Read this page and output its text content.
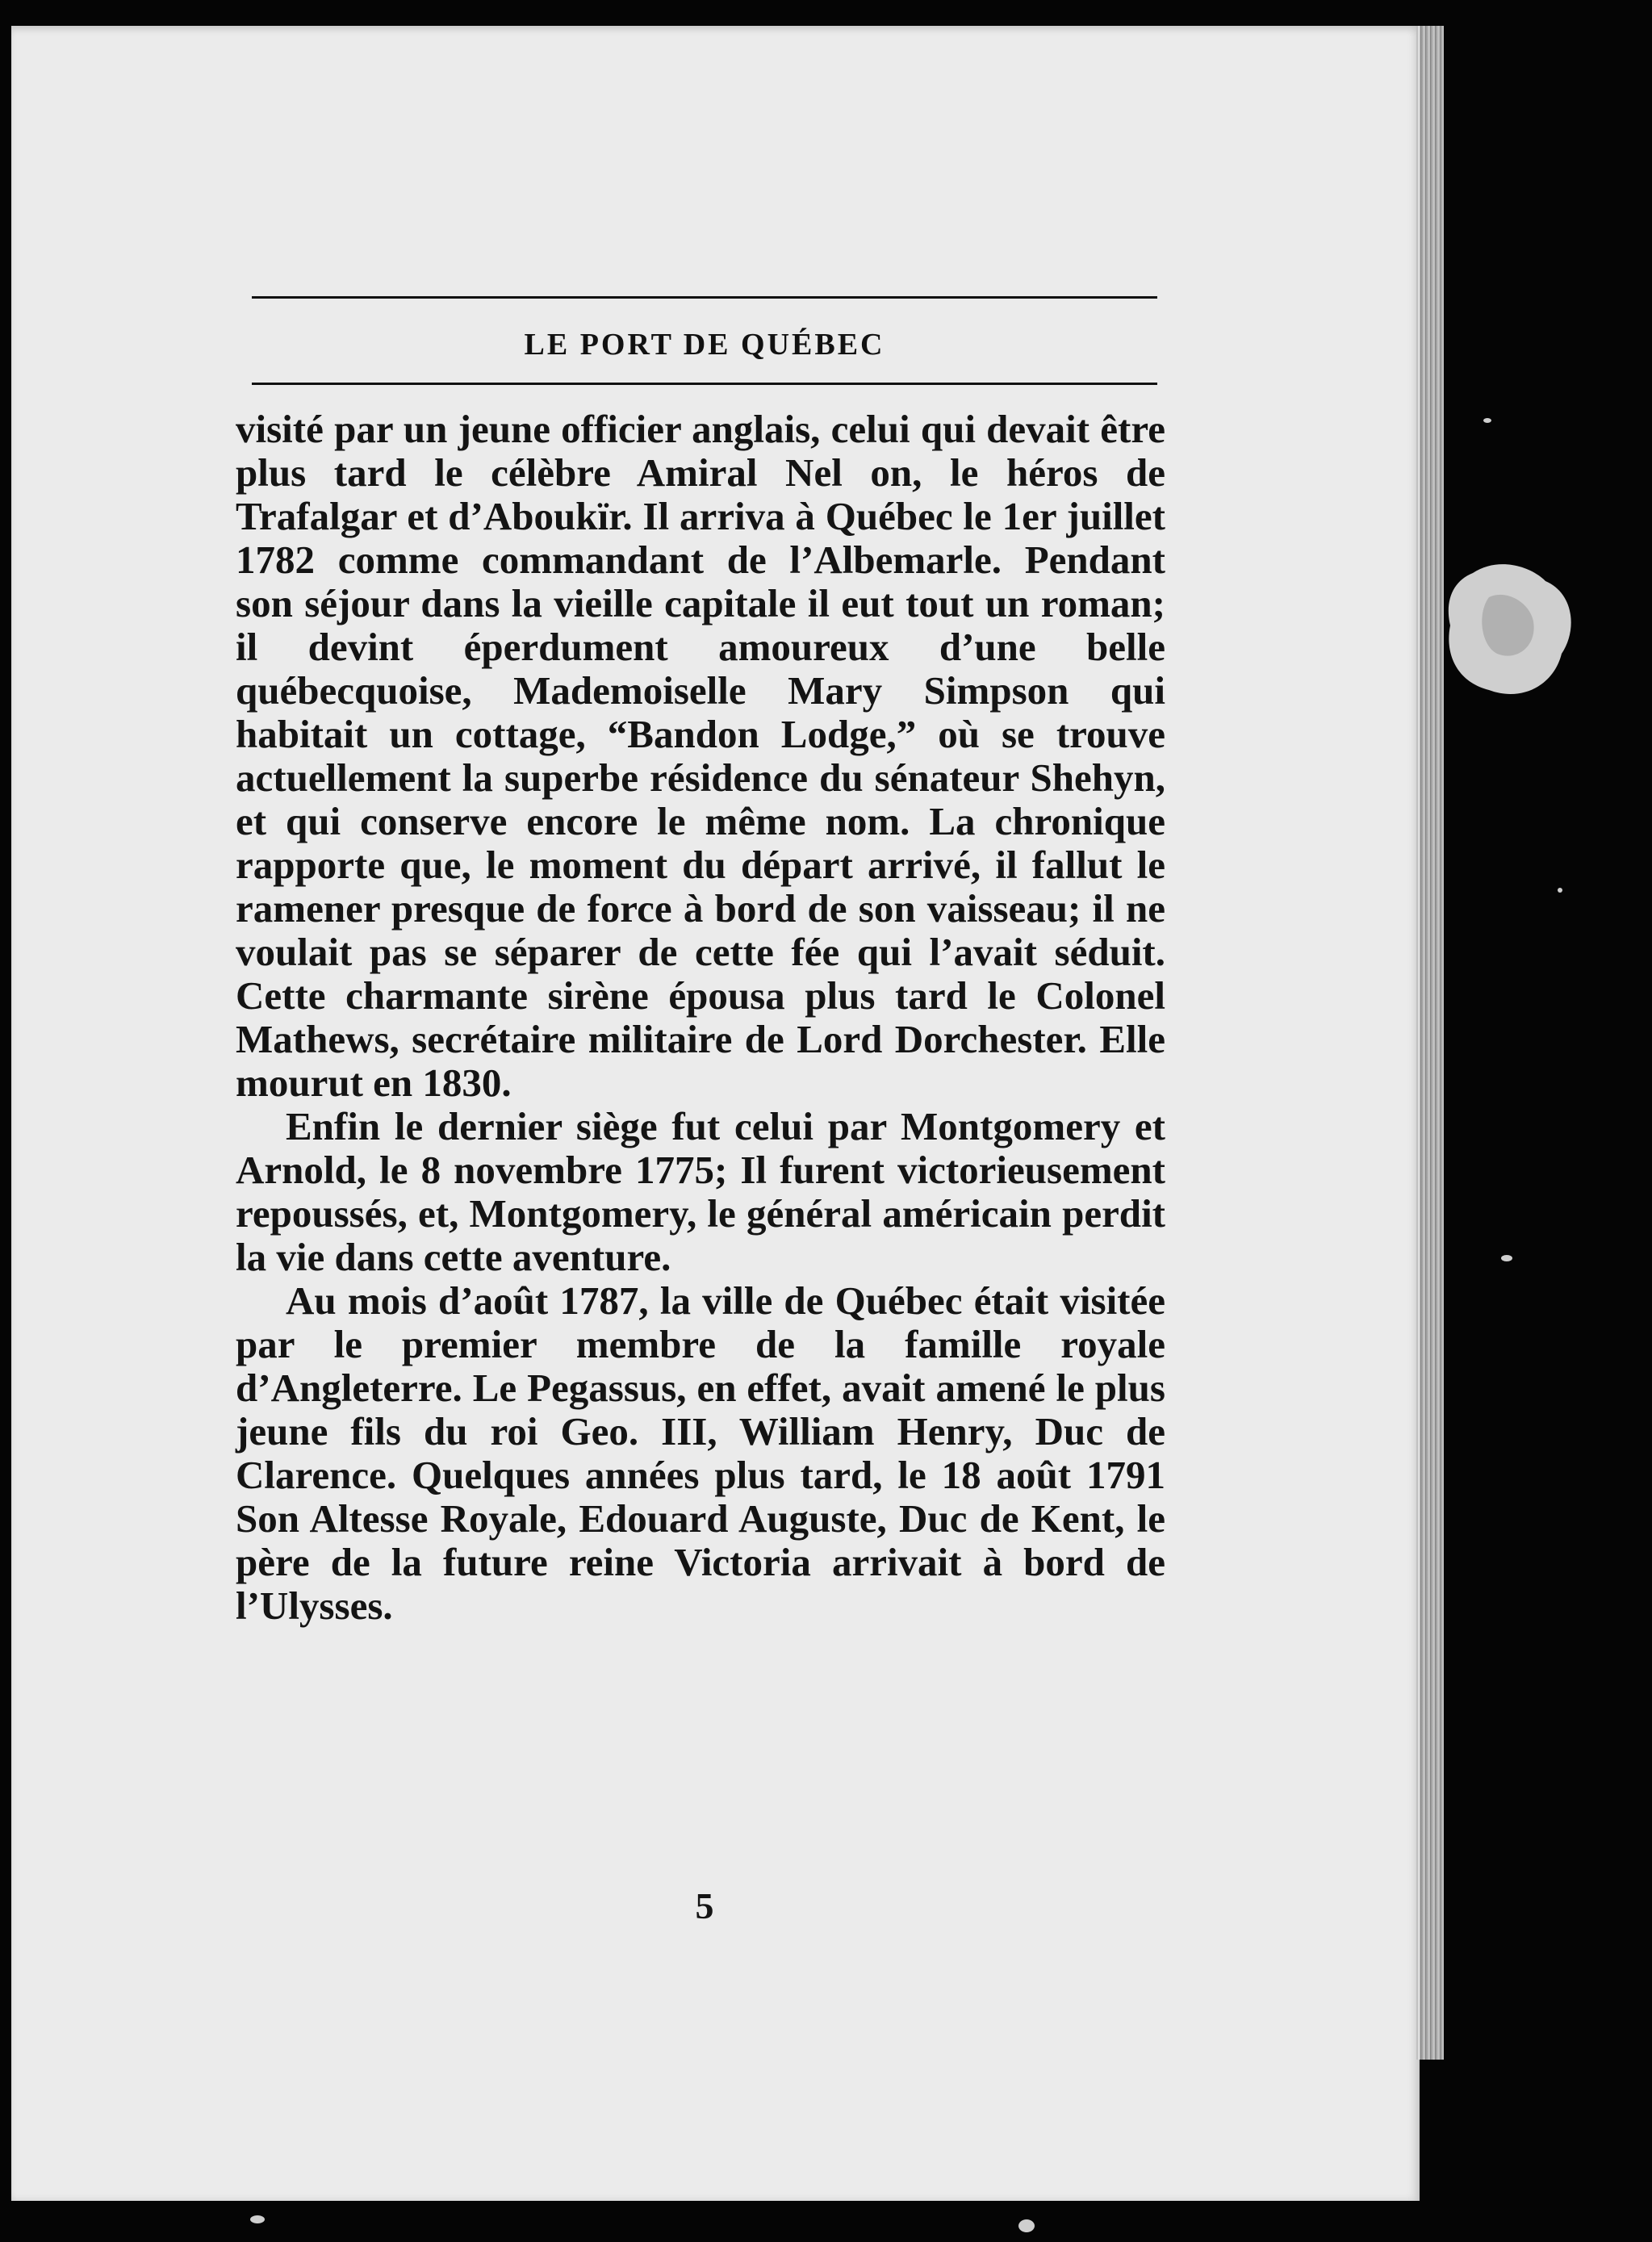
LE PORT DE QUÉBEC

visité par un jeune officier anglais, celui qui devait être plus tard le célèbre Amiral Nel on, le héros de Trafalgar et d’Aboukïr. Il arriva à Québec le 1er juillet 1782 comme commandant de l’Albemarle. Pendant son séjour dans la vieille capitale il eut tout un roman; il devint éperdument amoureux d’une belle québecquoise, Mademoiselle Mary Simpson qui habitait un cottage, “Bandon Lodge,” où se trouve actuellement la superbe résidence du sénateur Shehyn, et qui conserve encore le même nom. La chronique rapporte que, le moment du départ arrivé, il fallut le ramener presque de force à bord de son vaisseau; il ne voulait pas se séparer de cette fée qui l’avait séduit. Cette charmante sirène épousa plus tard le Colonel Mathews, secrétaire militaire de Lord Dorchester. Elle mourut en 1830.

Enfin le dernier siège fut celui par Montgomery et Arnold, le 8 novembre 1775; Il furent victorieusement repoussés, et, Montgomery, le général américain perdit la vie dans cette aventure.

Au mois d’août 1787, la ville de Québec était visitée par le premier membre de la famille royale d’Angleterre. Le Pegassus, en effet, avait amené le plus jeune fils du roi Geo. III, William Henry, Duc de Clarence. Quelques années plus tard, le 18 août 1791 Son Altesse Royale, Edouard Auguste, Duc de Kent, le père de la future reine Victoria arrivait à bord de l’Ulysses.

5
